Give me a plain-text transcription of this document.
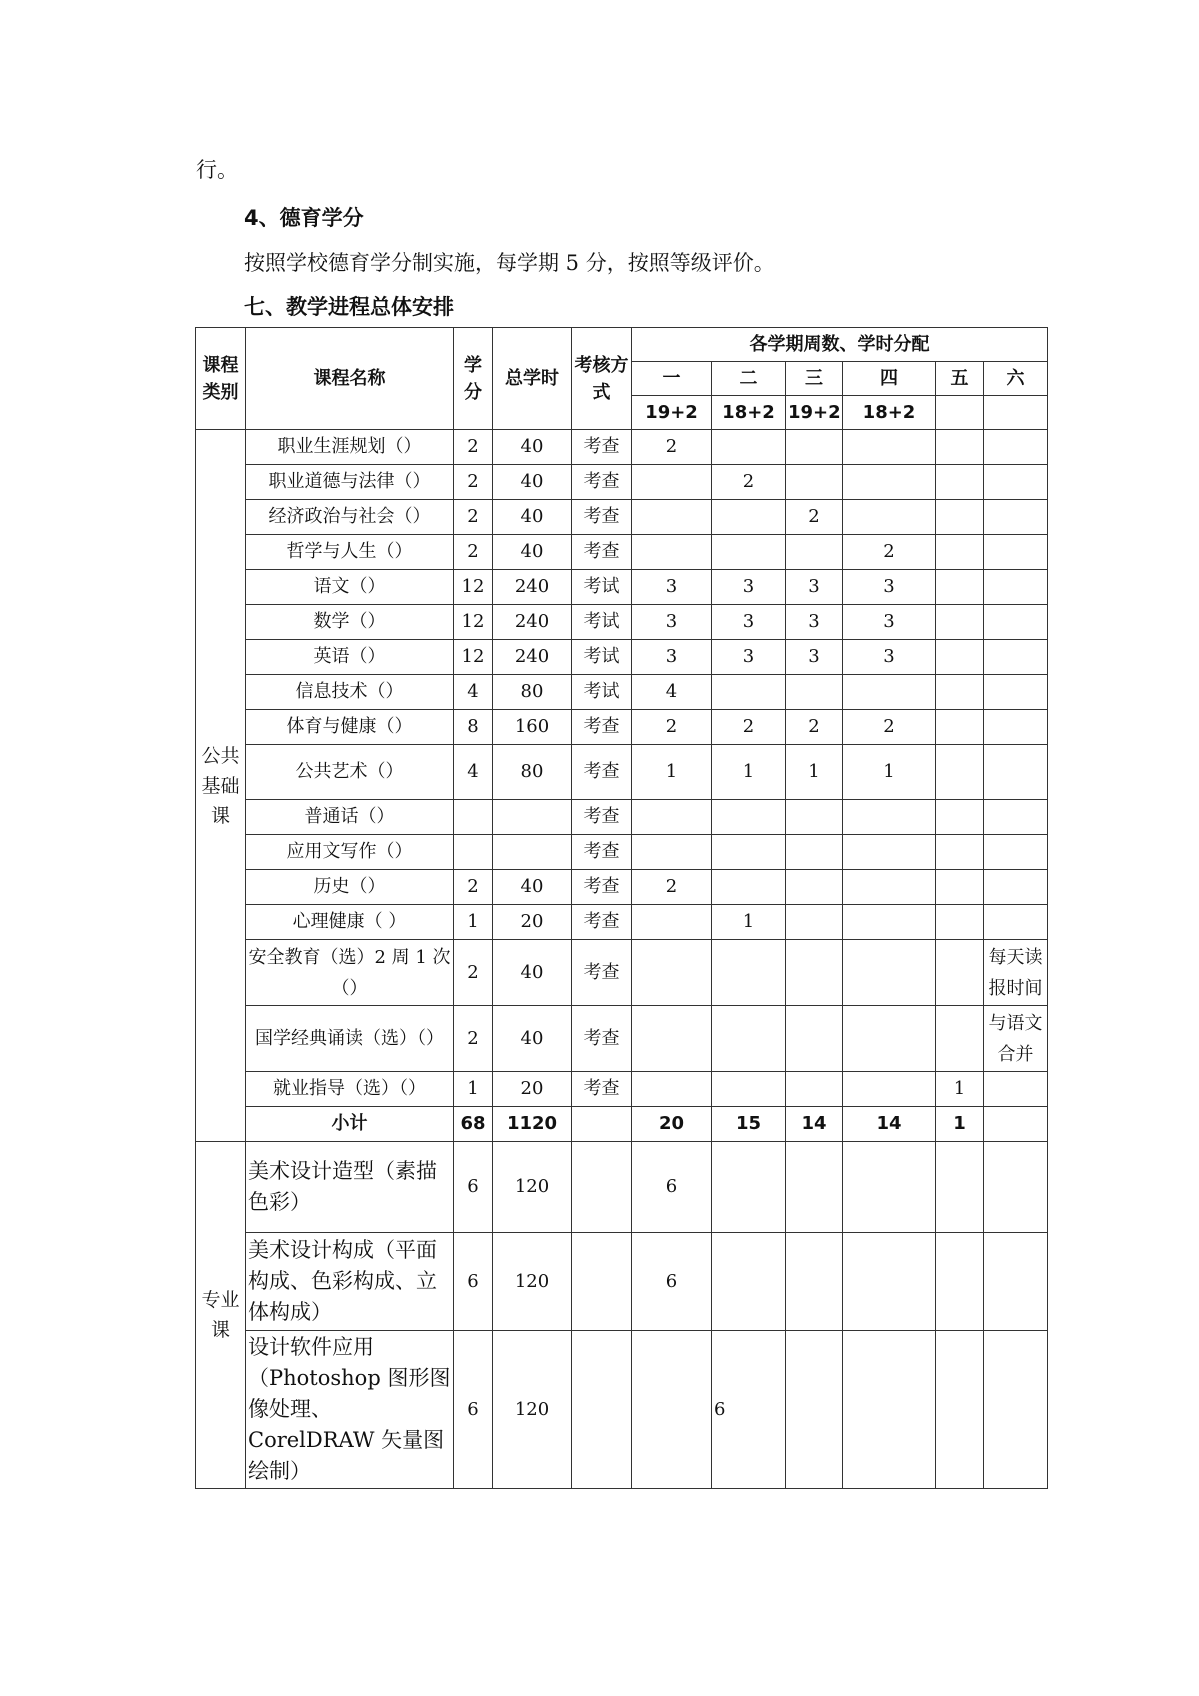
行。
4、德育学分
按照学校德育学分制实施，每学期 5 分，按照等级评价。
七、教学进程总体安排
课程类别	课程名称	学分	总学时	考核方式	各学期周数、学时分配					
					一	二	三	四	五	六
					19+2	18+2	19+2	18+2		
公共基础课	职业生涯规划（）	2	40	考查	2					
	职业道德与法律（）	2	40	考查		2				
	经济政治与社会（）	2	40	考查			2			
	哲学与人生（）	2	40	考查				2		
	语文（）	12	240	考试	3	3	3	3		
	数学（）	12	240	考试	3	3	3	3		
	英语（）	12	240	考试	3	3	3	3		
	信息技术（）	4	80	考试	4					
	体育与健康（）	8	160	考查	2	2	2	2		
	公共艺术（）	4	80	考查	1	1	1	1		
	普通话（）			考查						
	应用文写作（）			考查						
	历史（）	2	40	考查	2					
	心理健康（ ）	1	20	考查		1				
	安全教育（选）2 周 1 次（）	2	40	考查						每天读报时间
	国学经典诵读（选）（）	2	40	考查						与语文合并
	就业指导（选）（）	1	20	考查					1	
	小计	68	1120		20	15	14	14	1	
专业课	美术设计造型（素描色彩）	6	120		6					
	美术设计构成（平面构成、色彩构成、立体构成）	6	120		6					
	设计软件应用（Photoshop 图形图像处理、CorelDRAW 矢量图绘制）	6	120			6				
